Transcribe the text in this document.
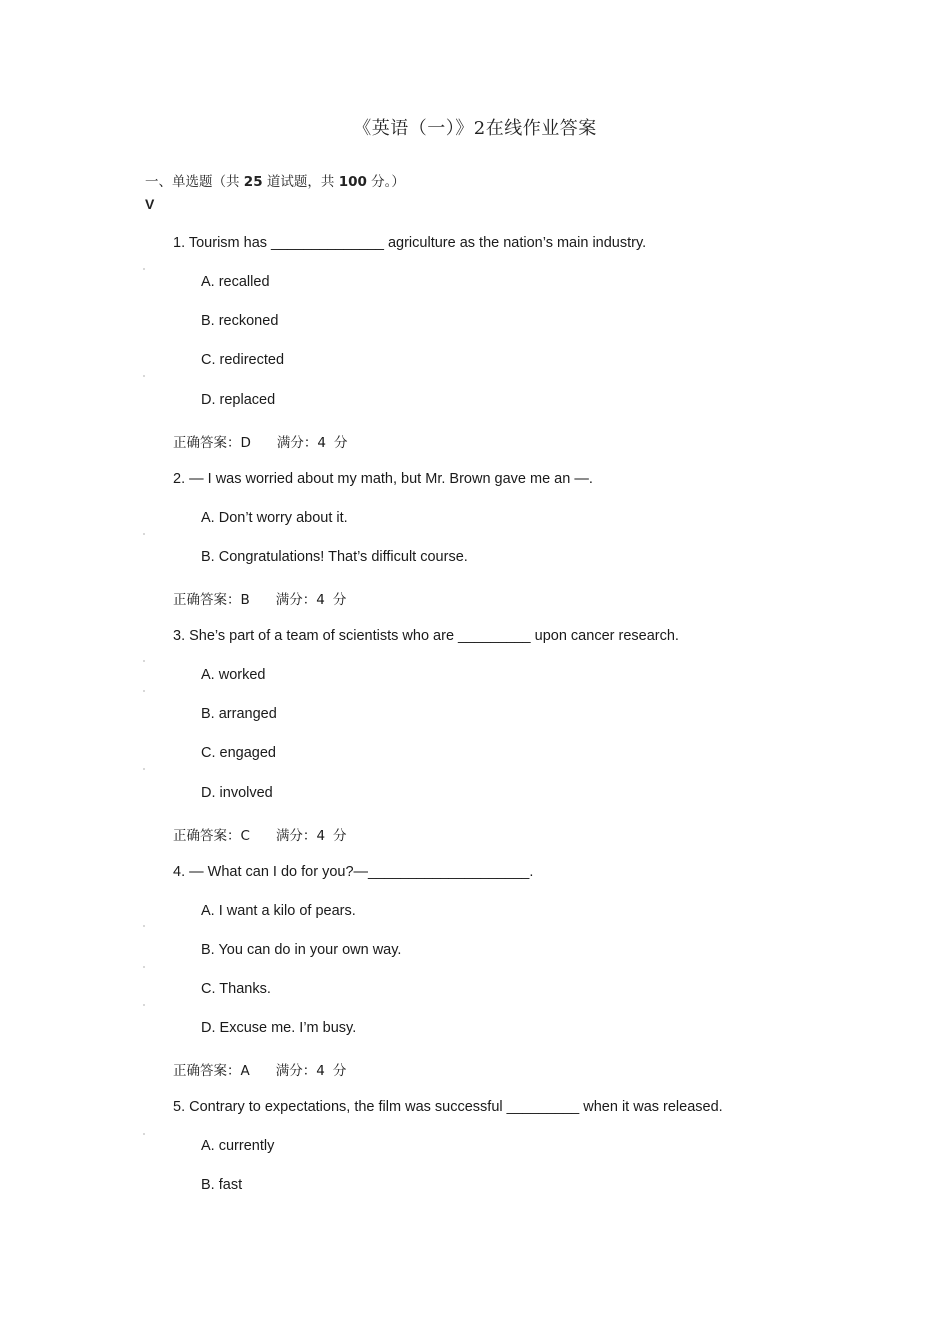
《英语（一）》2在线作业答案
一、单选题（共 25 道试题，共 100 分。）
V
1. Tourism has ______________ agriculture as the nation’s main industry.
A. recalled
B. reckoned
C. redirected
D. replaced
正确答案：D 满分：4 分
2. — I was worried about my math, but Mr. Brown gave me an —.
A. Don’t worry about it.
B. Congratulations! That’s difficult course.
正确答案：B 满分：4 分
3. She’s part of a team of scientists who are _________ upon cancer research.
A. worked
B. arranged
C. engaged
D. involved
正确答案：C 满分：4 分
4. — What can I do for you?—____________________.
A. I want a kilo of pears.
B. You can do in your own way.
C. Thanks.
D. Excuse me. I’m busy.
正确答案：A 满分：4 分
5. Contrary to expectations, the film was successful _________ when it was released.
A. currently
B. fast
